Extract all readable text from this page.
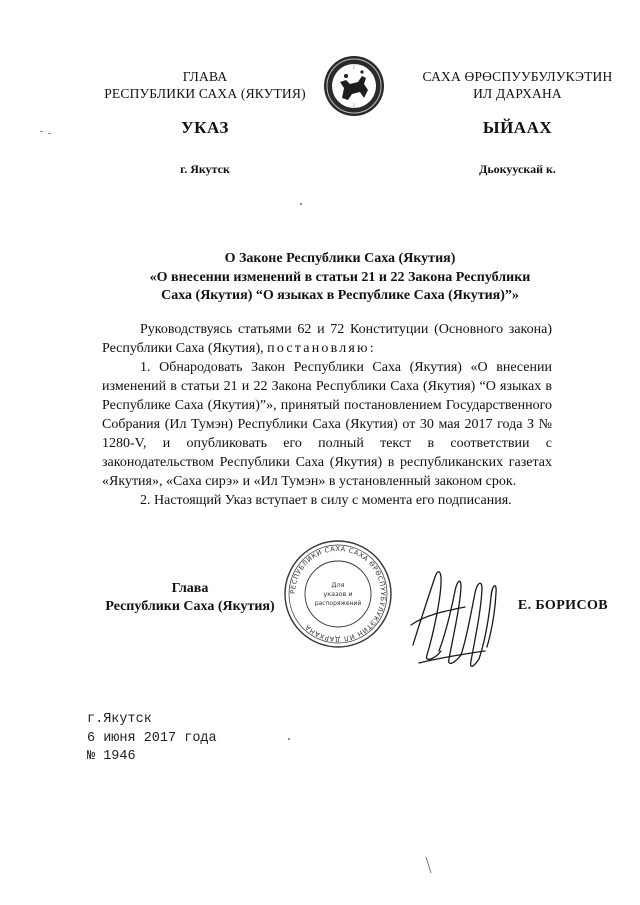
ГЛАВА
РЕСПУБЛИКИ САХА (ЯКУТИЯ)
САХА ӨРӨСПУУБУЛУКЭТИН
ИЛ ДАРХАНА
УКАЗ	ЫЙААХ
г. Якутск	Дьокуускай к.
О Законе Республики Саха (Якутия)
«О внесении изменений в статьи 21 и 22 Закона Республики
Саха (Якутия) “О языках в Республике Саха (Якутия)”»

Руководствуясь статьями 62 и 72 Конституции (Основного закона) Республики Саха (Якутия), постановляю:

1. Обнародовать Закон Республики Саха (Якутия) «О внесении изменений в статьи 21 и 22 Закона Республики Саха (Якутия) “О языках в Республике Саха (Якутия)”», принятый постановлением Государственного Собрания (Ил Тумэн) Республики Саха (Якутия) от 30 мая 2017 года З № 1280-V, и опубликовать его полный текст в соответствии с законодательством Республики Саха (Якутия) в республиканских газетах «Якутия», «Саха сирэ» и «Ил Тумэн» в установленный законом срок.

2. Настоящий Указ вступает в силу с момента его подписания.

Глава
Республики Саха (Якутия)
РЕСПУБЛИКИ САХА САХА ӨРӨСПУУБУЛУКЭТИН ИЛ ДАРХАНА
Для
указов и
распоряжений	Е. БОРИСОВ
г.Якутск
6 июня 2017 года
№ 1946
